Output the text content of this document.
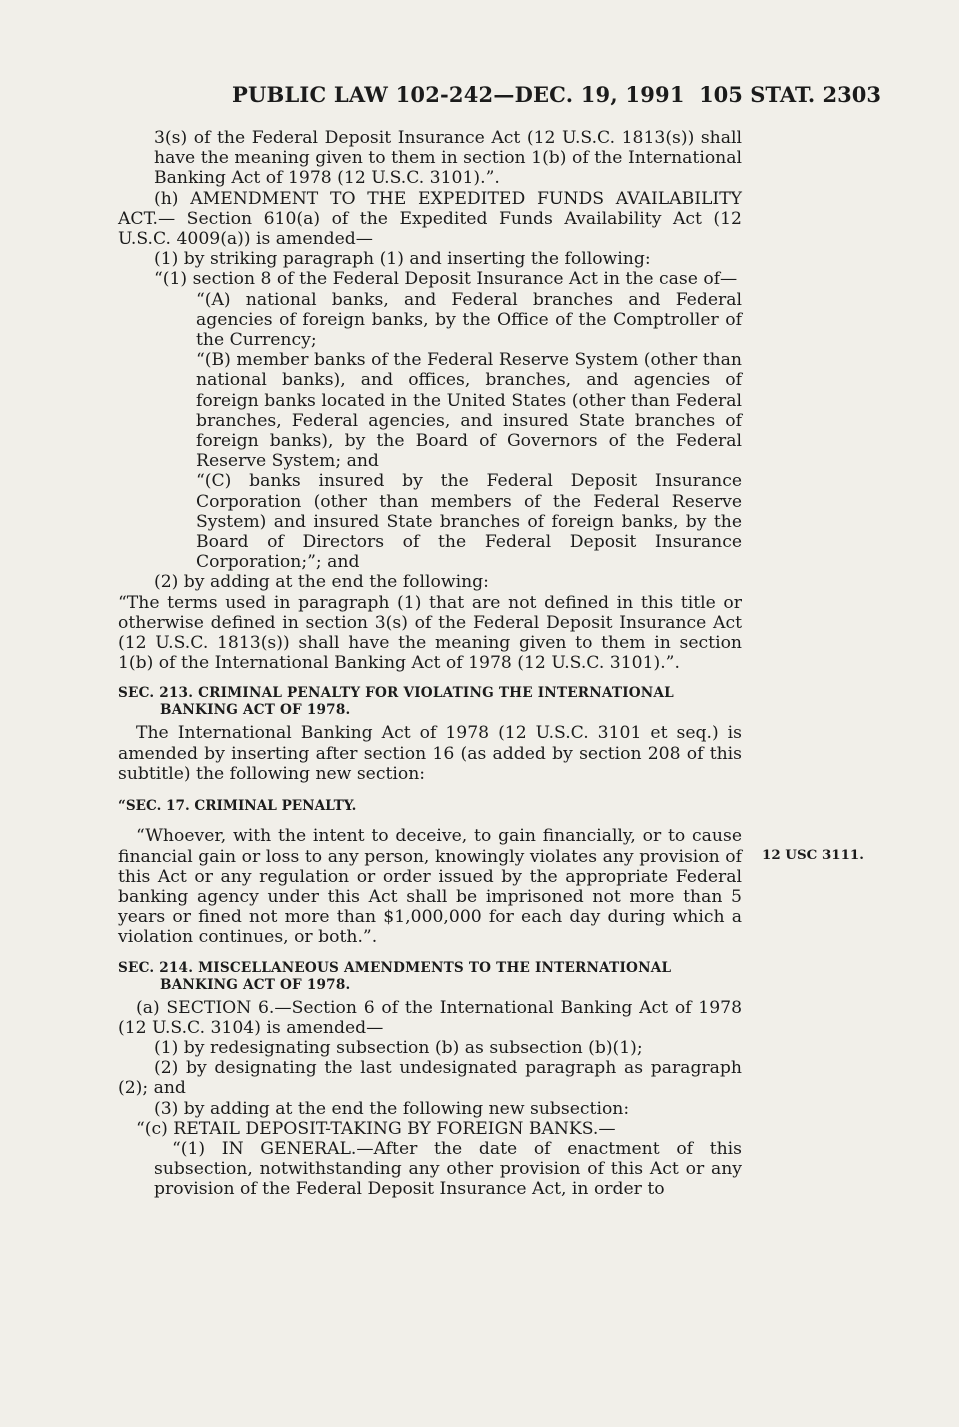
PUBLIC LAW 102-242—DEC. 19, 1991 105 STAT. 2303
12 USC 3111.

3(s) of the Federal Deposit Insurance Act (12 U.S.C. 1813(s)) shall have the meaning given to them in section 1(b) of the International Banking Act of 1978 (12 U.S.C. 3101).”.

(h) AMENDMENT TO THE EXPEDITED FUNDS AVAILABILITY ACT.— Section 610(a) of the Expedited Funds Availability Act (12 U.S.C. 4009(a)) is amended—

(1) by striking paragraph (1) and inserting the following:

“(1) section 8 of the Federal Deposit Insurance Act in the case of—

“(A) national banks, and Federal branches and Federal agencies of foreign banks, by the Office of the Comptroller of the Currency;

“(B) member banks of the Federal Reserve System (other than national banks), and offices, branches, and agencies of foreign banks located in the United States (other than Federal branches, Federal agencies, and insured State branches of foreign banks), by the Board of Governors of the Federal Reserve System; and

“(C) banks insured by the Federal Deposit Insurance Corporation (other than members of the Federal Reserve System) and insured State branches of foreign banks, by the Board of Directors of the Federal Deposit Insurance Corporation;”; and

(2) by adding at the end the following:

“The terms used in paragraph (1) that are not defined in this title or otherwise defined in section 3(s) of the Federal Deposit Insurance Act (12 U.S.C. 1813(s)) shall have the meaning given to them in section 1(b) of the International Banking Act of 1978 (12 U.S.C. 3101).”.

SEC. 213. CRIMINAL PENALTY FOR VIOLATING THE INTERNATIONAL
BANKING ACT OF 1978.

The International Banking Act of 1978 (12 U.S.C. 3101 et seq.) is amended by inserting after section 16 (as added by section 208 of this subtitle) the following new section:

“SEC. 17. CRIMINAL PENALTY.

“Whoever, with the intent to deceive, to gain financially, or to cause financial gain or loss to any person, knowingly violates any provision of this Act or any regulation or order issued by the appropriate Federal banking agency under this Act shall be imprisoned not more than 5 years or fined not more than $1,000,000 for each day during which a violation continues, or both.”.

SEC. 214. MISCELLANEOUS AMENDMENTS TO THE INTERNATIONAL
BANKING ACT OF 1978.

(a) SECTION 6.—Section 6 of the International Banking Act of 1978 (12 U.S.C. 3104) is amended—

(1) by redesignating subsection (b) as subsection (b)(1);

(2) by designating the last undesignated paragraph as paragraph (2); and

(3) by adding at the end the following new subsection:

“(c) RETAIL DEPOSIT-TAKING BY FOREIGN BANKS.—

“(1) IN GENERAL.—After the date of enactment of this subsection, notwithstanding any other provision of this Act or any provision of the Federal Deposit Insurance Act, in order to
